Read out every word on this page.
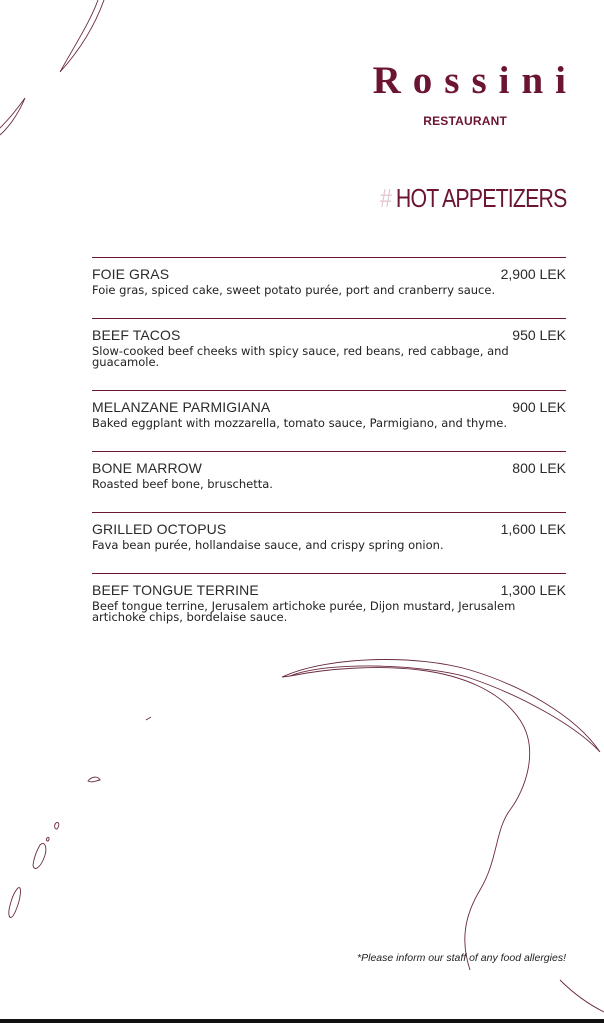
Rossini
RESTAURANT
# HOT APPETIZERS
FOIE GRAS	2,900 LEK
Foie gras, spiced cake, sweet potato purée, port and cranberry sauce.
BEEF TACOS	950 LEK
Slow-cooked beef cheeks with spicy sauce, red beans, red cabbage, and guacamole.
MELANZANE PARMIGIANA	900 LEK
Baked eggplant with mozzarella, tomato sauce, Parmigiano, and thyme.
BONE MARROW	800 LEK
Roasted beef bone, bruschetta.
GRILLED OCTOPUS	1,600 LEK
Fava bean purée, hollandaise sauce, and crispy spring onion.
BEEF TONGUE TERRINE	1,300 LEK
Beef tongue terrine, Jerusalem artichoke purée, Dijon mustard, Jerusalem artichoke chips, bordelaise sauce.
*Please inform our staff of any food allergies!
